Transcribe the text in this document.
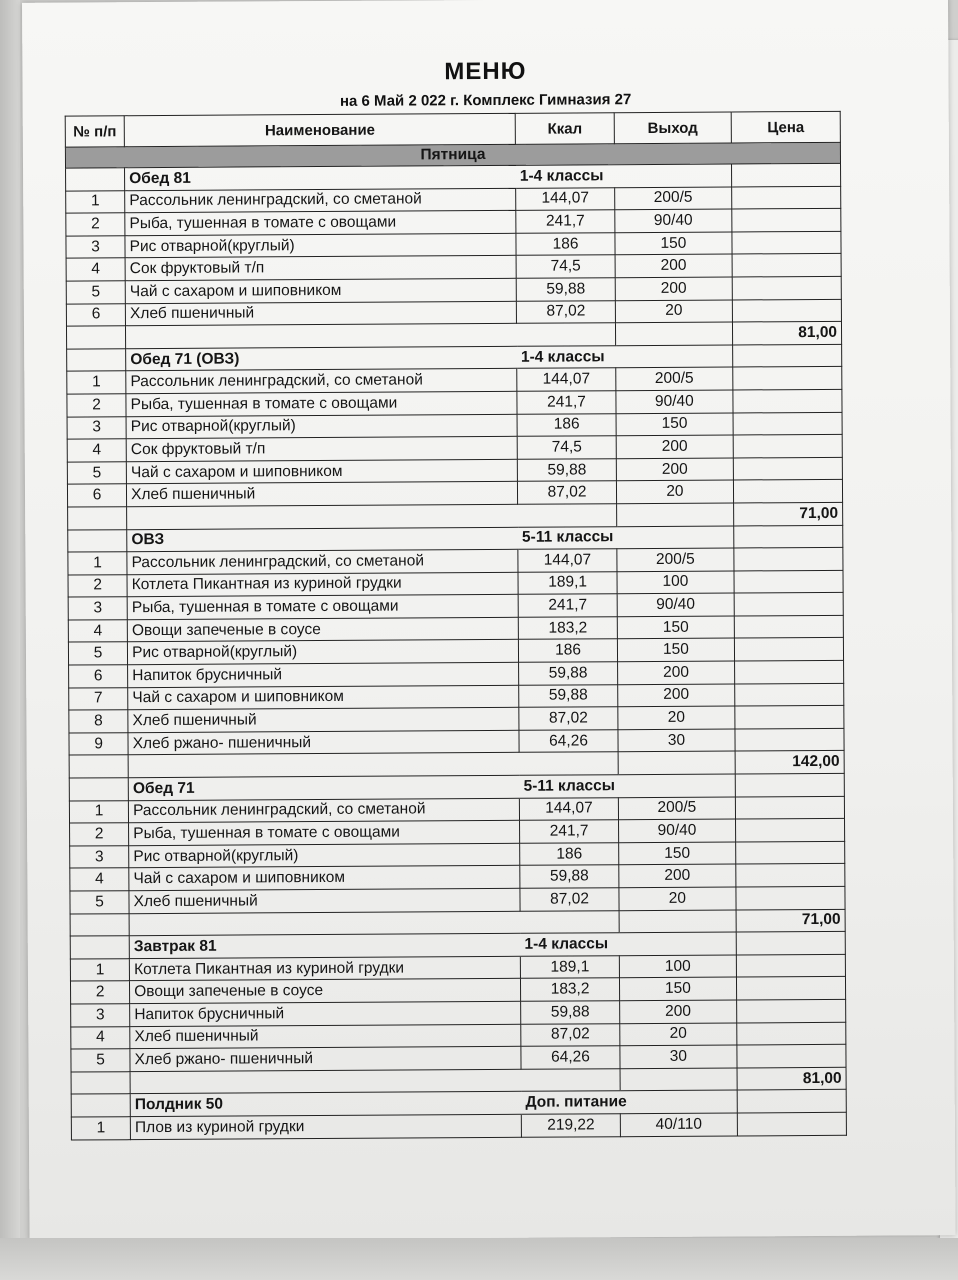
МЕНЮ
на 6 Май 2 022 г. Комплекс Гимназия 27
№ п/п	Наименование	Ккал	Выход	Цена
Пятница				
	Обед 81	1-4 классы		
1	Рассольник ленинградский, со сметаной	144,07	200/5	
2	Рыба, тушенная в томате с овощами	241,7	90/40	
3	Рис отварной(круглый)	186	150	
4	Сок фруктовый т/п	74,5	200	
5	Чай с сахаром и шиповником	59,88	200	
6	Хлеб пшеничный	87,02	20	
				81,00
	Обед 71 (ОВЗ)	1-4 классы		
1	Рассольник ленинградский, со сметаной	144,07	200/5	
2	Рыба, тушенная в томате с овощами	241,7	90/40	
3	Рис отварной(круглый)	186	150	
4	Сок фруктовый т/п	74,5	200	
5	Чай с сахаром и шиповником	59,88	200	
6	Хлеб пшеничный	87,02	20	
				71,00
	ОВЗ	5-11 классы		
1	Рассольник ленинградский, со сметаной	144,07	200/5	
2	Котлета Пикантная из куриной грудки	189,1	100	
3	Рыба, тушенная в томате с овощами	241,7	90/40	
4	Овощи запеченые в соусе	183,2	150	
5	Рис отварной(круглый)	186	150	
6	Напиток брусничный	59,88	200	
7	Чай с сахаром и шиповником	59,88	200	
8	Хлеб пшеничный	87,02	20	
9	Хлеб ржано- пшеничный	64,26	30	
				142,00
	Обед 71	5-11 классы		
1	Рассольник ленинградский, со сметаной	144,07	200/5	
2	Рыба, тушенная в томате с овощами	241,7	90/40	
3	Рис отварной(круглый)	186	150	
4	Чай с сахаром и шиповником	59,88	200	
5	Хлеб пшеничный	87,02	20	
				71,00
	Завтрак 81	1-4 классы		
1	Котлета Пикантная из куриной грудки	189,1	100	
2	Овощи запеченые в соусе	183,2	150	
3	Напиток брусничный	59,88	200	
4	Хлеб пшеничный	87,02	20	
5	Хлеб ржано- пшеничный	64,26	30	
				81,00
	Полдник 50	Доп. питание		
1	Плов из куриной грудки	219,22	40/110	
